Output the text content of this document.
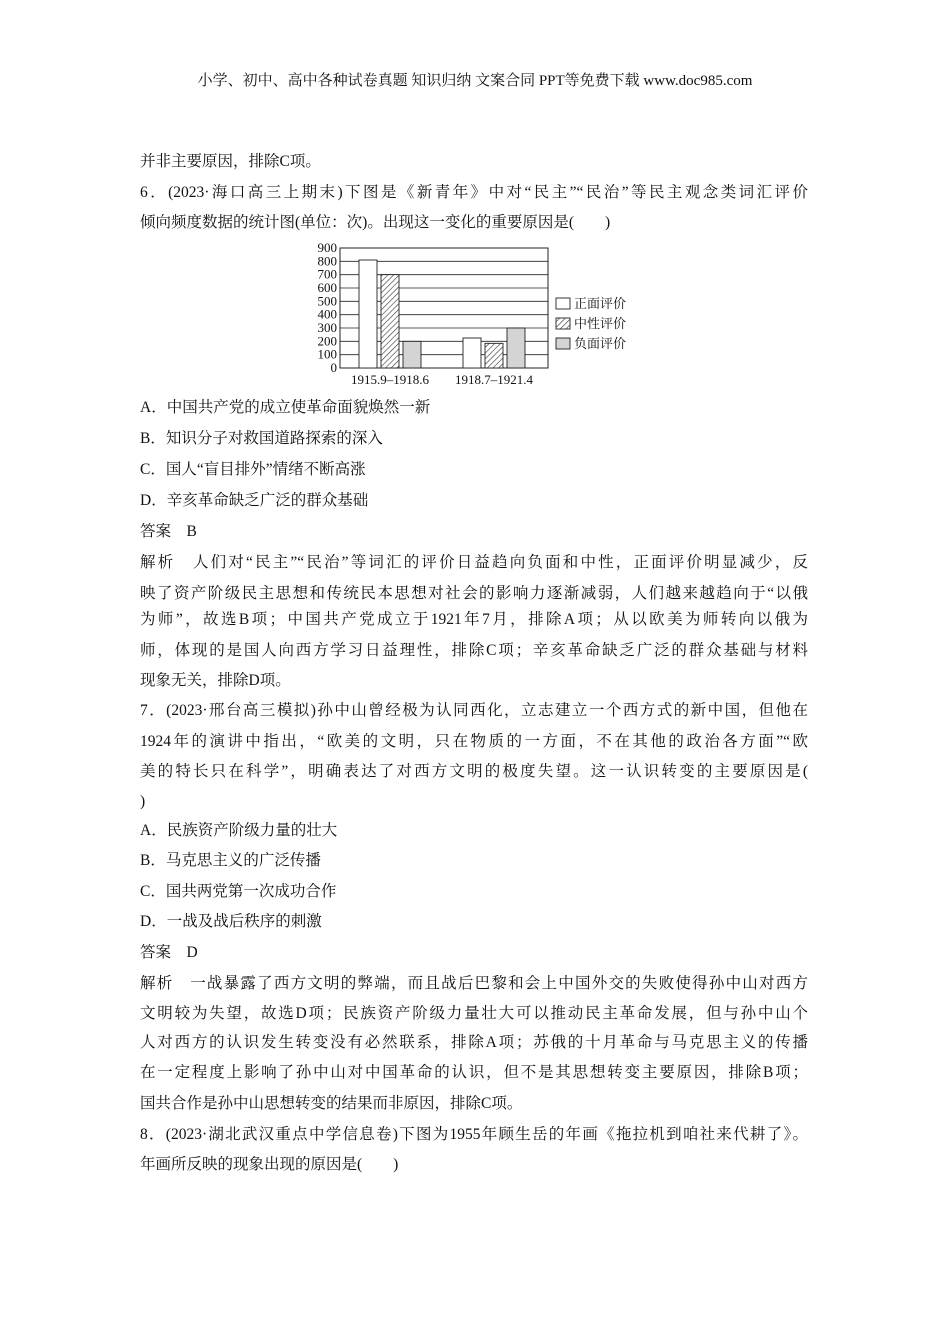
小学、初中、高中各种试卷真题 知识归纳 文案合同 PPT等免费下载 www.doc985.com
并非主要原因，排除C项。
6．(2023·海口高三上期末)下图是《新青年》中对“民主”“民治”等民主观念类词汇评价
倾向频度数据的统计图(单位：次)。出现这一变化的重要原因是(　　)
A．中国共产党的成立使革命面貌焕然一新
B．知识分子对救国道路探索的深入
C．国人“盲目排外”情绪不断高涨
D．辛亥革命缺乏广泛的群众基础
答案　B
解析　人们对“民主”“民治”等词汇的评价日益趋向负面和中性，正面评价明显减少，反
映了资产阶级民主思想和传统民本思想对社会的影响力逐渐减弱，人们越来越趋向于“以俄
为师”，故选B项；中国共产党成立于1921年7月，排除A项；从以欧美为师转向以俄为
师，体现的是国人向西方学习日益理性，排除C项；辛亥革命缺乏广泛的群众基础与材料
现象无关，排除D项。
7．(2023·邢台高三模拟)孙中山曾经极为认同西化，立志建立一个西方式的新中国，但他在
1924年的演讲中指出，“欧美的文明，只在物质的一方面，不在其他的政治各方面”“欧
美的特长只在科学”，明确表达了对西方文明的极度失望。这一认识转变的主要原因是(
)
A．民族资产阶级力量的壮大
B．马克思主义的广泛传播
C．国共两党第一次成功合作
D．一战及战后秩序的刺激
答案　D
解析　一战暴露了西方文明的弊端，而且战后巴黎和会上中国外交的失败使得孙中山对西方
文明较为失望，故选D项；民族资产阶级力量壮大可以推动民主革命发展，但与孙中山个
人对西方的认识发生转变没有必然联系，排除A项；苏俄的十月革命与马克思主义的传播
在一定程度上影响了孙中山对中国革命的认识，但不是其思想转变主要原因，排除B项；
国共合作是孙中山思想转变的结果而非原因，排除C项。
8．(2023·湖北武汉重点中学信息卷)下图为1955年顾生岳的年画《拖拉机到咱社来代耕了》。
年画所反映的现象出现的原因是(　　)
0
100
200
300
400
500
600
700
800
900
1915.9–1918.6 1918.7–1921.4
正面评价
中性评价
负面评价
